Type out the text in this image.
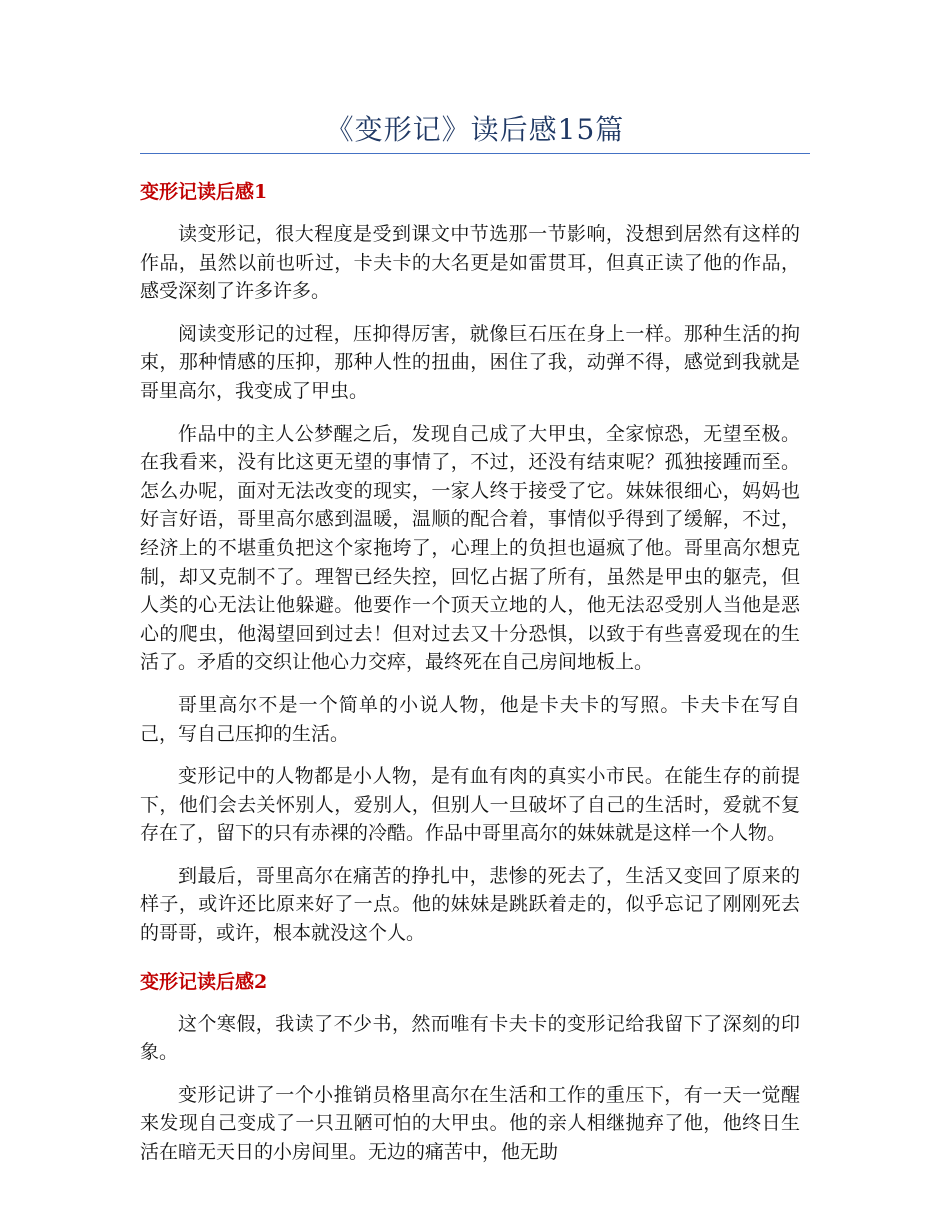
《变形记》读后感15篇
变形记读后感1

读变形记，很大程度是受到课文中节选那一节影响，没想到居然有这样的作品，虽然以前也听过，卡夫卡的大名更是如雷贯耳，但真正读了他的作品，感受深刻了许多许多。

阅读变形记的过程，压抑得厉害，就像巨石压在身上一样。那种生活的拘束，那种情感的压抑，那种人性的扭曲，困住了我，动弹不得，感觉到我就是哥里高尔，我变成了甲虫。

作品中的主人公梦醒之后，发现自己成了大甲虫，全家惊恐，无望至极。在我看来，没有比这更无望的事情了，不过，还没有结束呢？孤独接踵而至。怎么办呢，面对无法改变的现实，一家人终于接受了它。妹妹很细心，妈妈也好言好语，哥里高尔感到温暖，温顺的配合着，事情似乎得到了缓解，不过，经济上的不堪重负把这个家拖垮了，心理上的负担也逼疯了他。哥里高尔想克制，却又克制不了。理智已经失控，回忆占据了所有，虽然是甲虫的躯壳，但人类的心无法让他躲避。他要作一个顶天立地的人，他无法忍受别人当他是恶心的爬虫，他渴望回到过去！但对过去又十分恐惧，以致于有些喜爱现在的生活了。矛盾的交织让他心力交瘁，最终死在自己房间地板上。

哥里高尔不是一个简单的小说人物，他是卡夫卡的写照。卡夫卡在写自己，写自己压抑的生活。

变形记中的人物都是小人物，是有血有肉的真实小市民。在能生存的前提下，他们会去关怀别人，爱别人，但别人一旦破坏了自己的生活时，爱就不复存在了，留下的只有赤裸的冷酷。作品中哥里高尔的妹妹就是这样一个人物。

到最后，哥里高尔在痛苦的挣扎中，悲惨的死去了，生活又变回了原来的样子，或许还比原来好了一点。他的妹妹是跳跃着走的，似乎忘记了刚刚死去的哥哥，或许，根本就没这个人。

变形记读后感2

这个寒假，我读了不少书，然而唯有卡夫卡的变形记给我留下了深刻的印象。

变形记讲了一个小推销员格里高尔在生活和工作的重压下，有一天一觉醒来发现自己变成了一只丑陋可怕的大甲虫。他的亲人相继抛弃了他，他终日生活在暗无天日的小房间里。无边的痛苦中，他无助
